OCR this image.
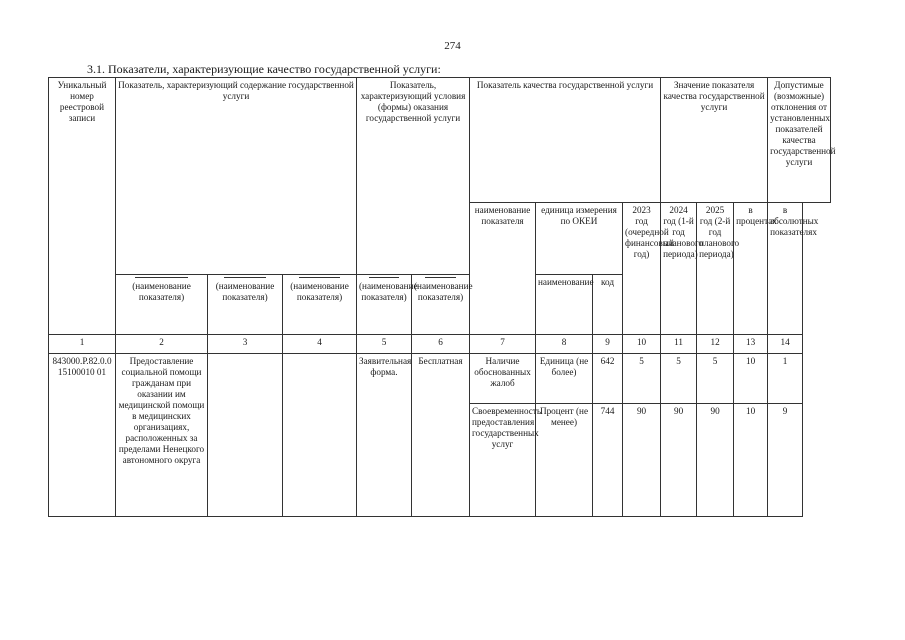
274
3.1. Показатели, характеризующие качество государственной услуги:
Уникальный номер реестровой записи	Показатель, характеризующий содержание государственной услуги			Показатель, характеризующий условия (формы) оказания государственной услуги		Показатель качества государственной услуги				Значение показателя качества государственной услуги			Допустимые (возможные) отклонения от установленных показателей качества государственной услуги
						наименование показателя	единица измерения по ОКЕИ		2023 год (очередной финансовый год)	2024 год (1-й год планового периода)	2025 год (2-й год планового периода)	в процентах	в абсолютных показателях

(наименование показателя)	(наименование показателя)	(наименование показателя)	(наименование показателя)	(наименование показателя)		наименование	код					
1	2	3	4	5	6	7	8	9	10	11	12	13	14
843000.Р.82.0.015100010 01	Предоставление социальной помощи гражданам при оказании им медицинской помощи в медицинских организациях, расположенных за пределами Ненецкого автономного округа			Заявительная форма.	Бесплатная	Наличие обоснованных жалоб	Единица (не более)	642	5	5	5	10	1
						Своевременность предоставления государственных услуг	Процент (не менее)	744	90	90	90	10	9
